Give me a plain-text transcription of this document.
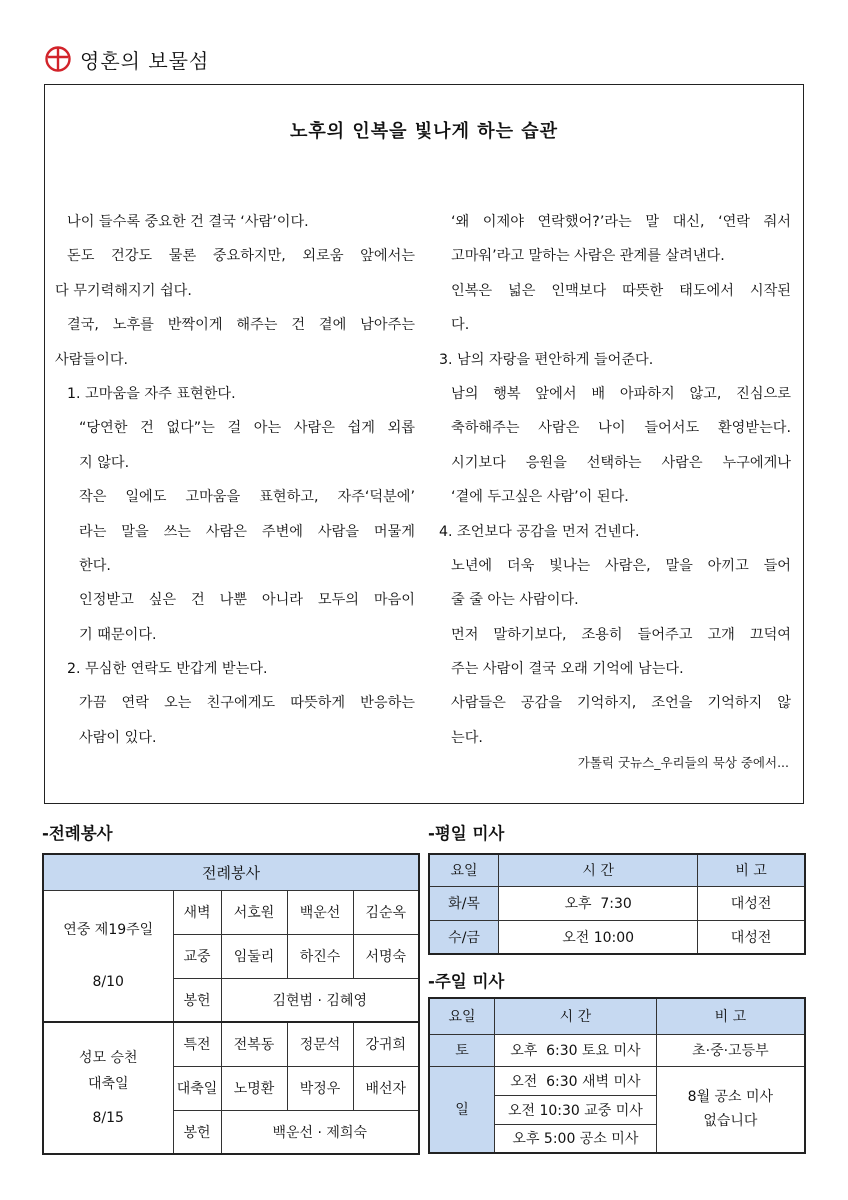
영혼의 보물섬
노후의 인복을 빛나게 하는 습관
나이 들수록 중요한 건 결국 ‘사람’이다.
돈도 건강도 물론 중요하지만, 외로움 앞에서는
다 무기력해지기 쉽다.
결국, 노후를 반짝이게 해주는 건 곁에 남아주는
사람들이다.
1. 고마움을 자주 표현한다.
“당연한 건 없다”는 걸 아는 사람은 쉽게 외롭
지 않다.
작은 일에도 고마움을 표현하고, 자주‘덕분에’
라는 말을 쓰는 사람은 주변에 사람을 머물게
한다.
인정받고 싶은 건 나뿐 아니라 모두의 마음이
기 때문이다.
2. 무심한 연락도 반갑게 받는다.
가끔 연락 오는 친구에게도 따뜻하게 반응하는
사람이 있다.
‘왜 이제야 연락했어?’라는 말 대신, ‘연락 줘서
고마워’라고 말하는 사람은 관계를 살려낸다.
인복은 넓은 인맥보다 따뜻한 태도에서 시작된
다.
3. 남의 자랑을 편안하게 들어준다.
남의 행복 앞에서 배 아파하지 않고, 진심으로
축하해주는 사람은 나이 들어서도 환영받는다.
시기보다 응원을 선택하는 사람은 누구에게나
‘곁에 두고싶은 사람’이 된다.
4. 조언보다 공감을 먼저 건넨다.
노년에 더욱 빛나는 사람은, 말을 아끼고 들어
줄 줄 아는 사람이다.
먼저 말하기보다, 조용히 들어주고 고개 끄덕여
주는 사람이 결국 오래 기억에 남는다.
사람들은 공감을 기억하지, 조언을 기억하지 않
는다.
가톨릭 굿뉴스_우리들의 묵상 중에서...
-전례봉사
전례봉사				

연중 제19주일
8/10	새벽	서호원	백운선	김순옥
	교중	임둘리	하진수	서명숙
	봉헌	김현범 · 김혜영		

성모 승천
대축일
8/15	특전	전복동	정문석	강귀희
	대축일	노명환	박정우	배선자
	봉헌	백운선 · 제희숙		
-평일 미사
요일	시 간	비 고
화/목	오후  7:30	대성전
수/금	오전 10:00	대성전
-주일 미사
요일	시 간	비 고
토	오후  6:30 토요 미사	초·중·고등부
일	오전  6:30 새벽 미사	8월 공소 미사
없습니다

	오전 10:30 교중 미사	
	오후 5:00 공소 미사	
